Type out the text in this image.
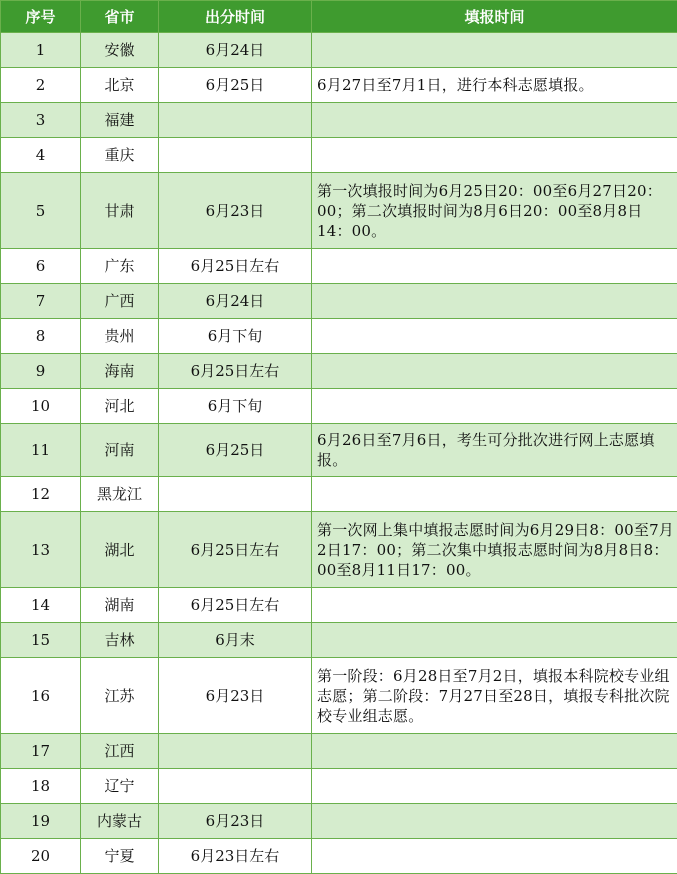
序号	省市	出分时间	填报时间
1	安徽	6月24日	
2	北京	6月25日	6月27日至7月1日，进行本科志愿填报。
3	福建		
4	重庆		
5	甘肃	6月23日	第一次填报时间为6月25日20：00至6月27日20：00；第二次填报时间为8月6日20：00至8月8日14：00。
6	广东	6月25日左右	
7	广西	6月24日	
8	贵州	6月下旬	
9	海南	6月25日左右	
10	河北	6月下旬	
11	河南	6月25日	6月26日至7月6日，考生可分批次进行网上志愿填报。
12	黑龙江		
13	湖北	6月25日左右	第一次网上集中填报志愿时间为6月29日8：00至7月2日17：00；第二次集中填报志愿时间为8月8日8：00至8月11日17：00。
14	湖南	6月25日左右	
15	吉林	6月末	
16	江苏	6月23日	第一阶段：6月28日至7月2日，填报本科院校专业组志愿；第二阶段：7月27日至28日，填报专科批次院校专业组志愿。
17	江西		
18	辽宁		
19	内蒙古	6月23日	
20	宁夏	6月23日左右	
